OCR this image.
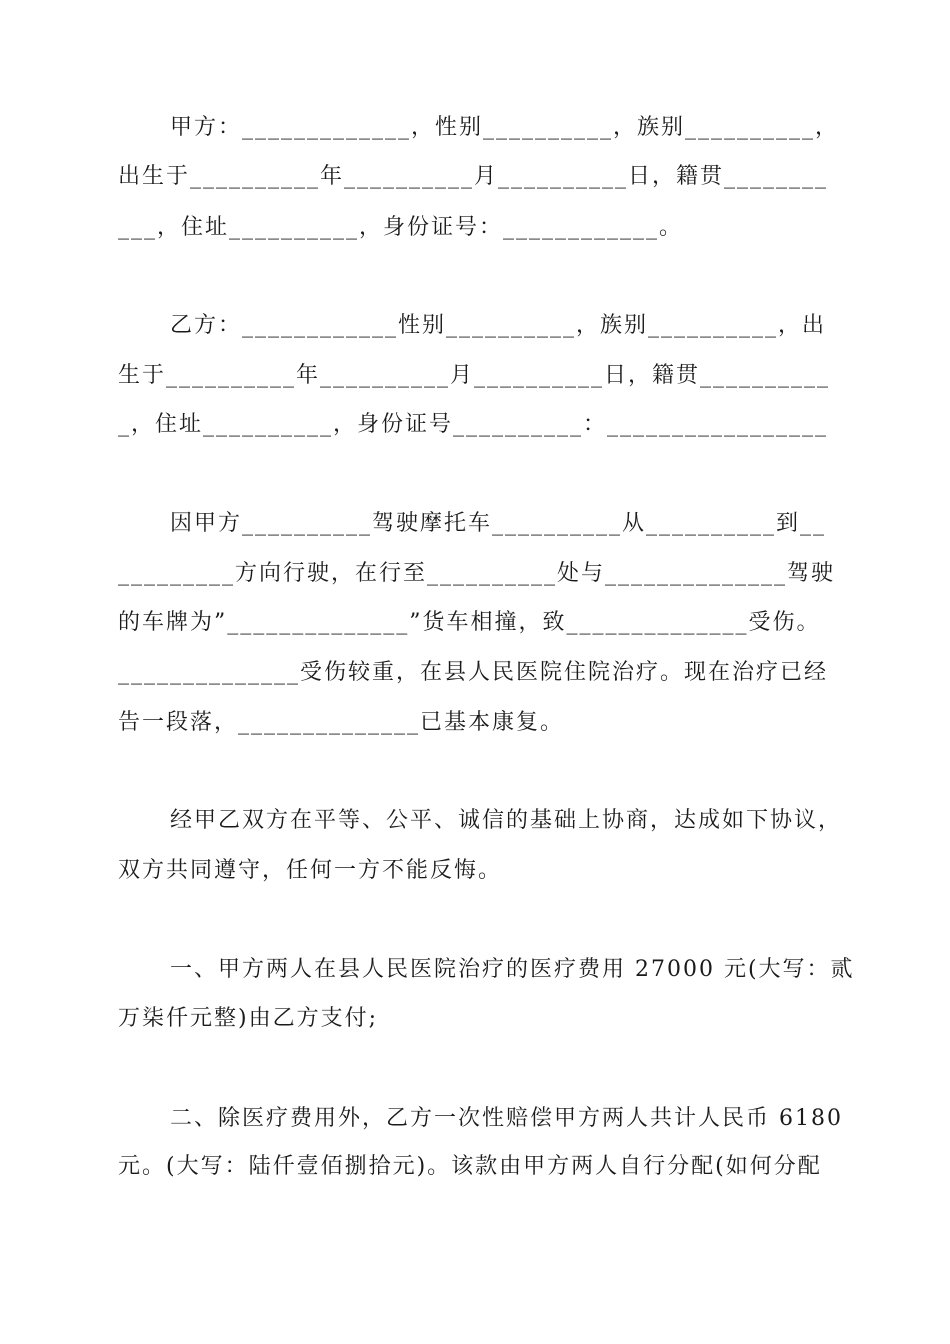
甲方：_____________，性别__________，族别__________，
出生于__________年__________月__________日，籍贯________
___，住址__________，身份证号：____________。
乙方：____________性别__________，族别__________，出
生于__________年__________月__________日，籍贯__________
_，住址__________，身份证号__________：_________________
因甲方__________驾驶摩托车__________从__________到__
_________方向行驶，在行至__________处与______________驾驶
的车牌为”______________”货车相撞，致______________受伤。
______________受伤较重，在县人民医院住院治疗。现在治疗已经
告一段落，______________已基本康复。
经甲乙双方在平等、公平、诚信的基础上协商，达成如下协议，
双方共同遵守，任何一方不能反悔。
一、甲方两人在县人民医院治疗的医疗费用 27000 元(大写：贰
万柒仟元整)由乙方支付;
二、除医疗费用外，乙方一次性赔偿甲方两人共计人民币 6180
元。(大写：陆仟壹佰捌拾元)。该款由甲方两人自行分配(如何分配
